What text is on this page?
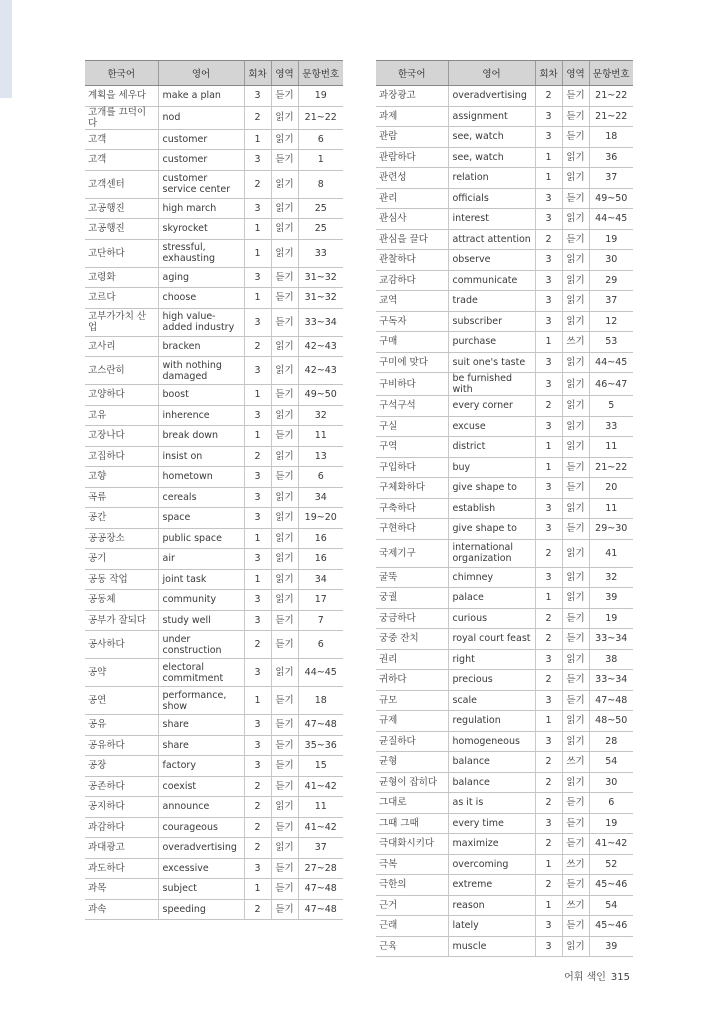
한국어	영어	회차	영역	문항번호
계획을 세우다	make a plan	3	듣기	19
고개를 끄덕이다	nod	2	읽기	21~22
고객	customer	1	읽기	6
고객	customer	3	듣기	1
고객센터	customer service center	2	읽기	8
고공행진	high march	3	읽기	25
고공행진	skyrocket	1	읽기	25
고단하다	stressful, exhausting	1	읽기	33
고령화	aging	3	듣기	31~32
고르다	choose	1	듣기	31~32
고부가가치 산업	high value-added industry	3	듣기	33~34
고사리	bracken	2	읽기	42~43
고스란히	with nothing damaged	3	읽기	42~43
고양하다	boost	1	듣기	49~50
고유	inherence	3	읽기	32
고장나다	break down	1	듣기	11
고집하다	insist on	2	읽기	13
고향	hometown	3	듣기	6
곡류	cereals	3	읽기	34
공간	space	3	읽기	19~20
공공장소	public space	1	읽기	16
공기	air	3	읽기	16
공동 작업	joint task	1	읽기	34
공동체	community	3	읽기	17
공부가 잘되다	study well	3	듣기	7
공사하다	under construction	2	듣기	6
공약	electoral commitment	3	읽기	44~45
공연	performance, show	1	듣기	18
공유	share	3	듣기	47~48
공유하다	share	3	듣기	35~36
공장	factory	3	듣기	15
공존하다	coexist	2	듣기	41~42
공지하다	announce	2	읽기	11
과감하다	courageous	2	듣기	41~42
과대광고	overadvertising	2	읽기	37
과도하다	excessive	3	듣기	27~28
과목	subject	1	듣기	47~48
과속	speeding	2	듣기	47~48
한국어	영어	회차	영역	문항번호
과장광고	overadvertising	2	듣기	21~22
과제	assignment	3	듣기	21~22
관람	see, watch	3	듣기	18
관람하다	see, watch	1	읽기	36
관련성	relation	1	읽기	37
관리	officials	3	듣기	49~50
관심사	interest	3	읽기	44~45
관심을 끌다	attract attention	2	듣기	19
관찰하다	observe	3	읽기	30
교감하다	communicate	3	읽기	29
교역	trade	3	읽기	37
구독자	subscriber	3	읽기	12
구매	purchase	1	쓰기	53
구미에 맞다	suit one's taste	3	읽기	44~45
구비하다	be furnished with	3	읽기	46~47
구석구석	every corner	2	읽기	5
구실	excuse	3	읽기	33
구역	district	1	읽기	11
구입하다	buy	1	듣기	21~22
구체화하다	give shape to	3	듣기	20
구축하다	establish	3	읽기	11
구현하다	give shape to	3	듣기	29~30
국제기구	international organization	2	읽기	41
굴뚝	chimney	3	읽기	32
궁궐	palace	1	읽기	39
궁금하다	curious	2	듣기	19
궁중 잔치	royal court feast	2	듣기	33~34
권리	right	3	읽기	38
귀하다	precious	2	듣기	33~34
규모	scale	3	듣기	47~48
규제	regulation	1	읽기	48~50
균질하다	homogeneous	3	읽기	28
균형	balance	2	쓰기	54
균형이 잡히다	balance	2	읽기	30
그대로	as it is	2	듣기	6
그때 그때	every time	3	듣기	19
극대화시키다	maximize	2	듣기	41~42
극복	overcoming	1	쓰기	52
극한의	extreme	2	듣기	45~46
근거	reason	1	쓰기	54
근래	lately	3	듣기	45~46
근육	muscle	3	읽기	39
어휘 색인 315
